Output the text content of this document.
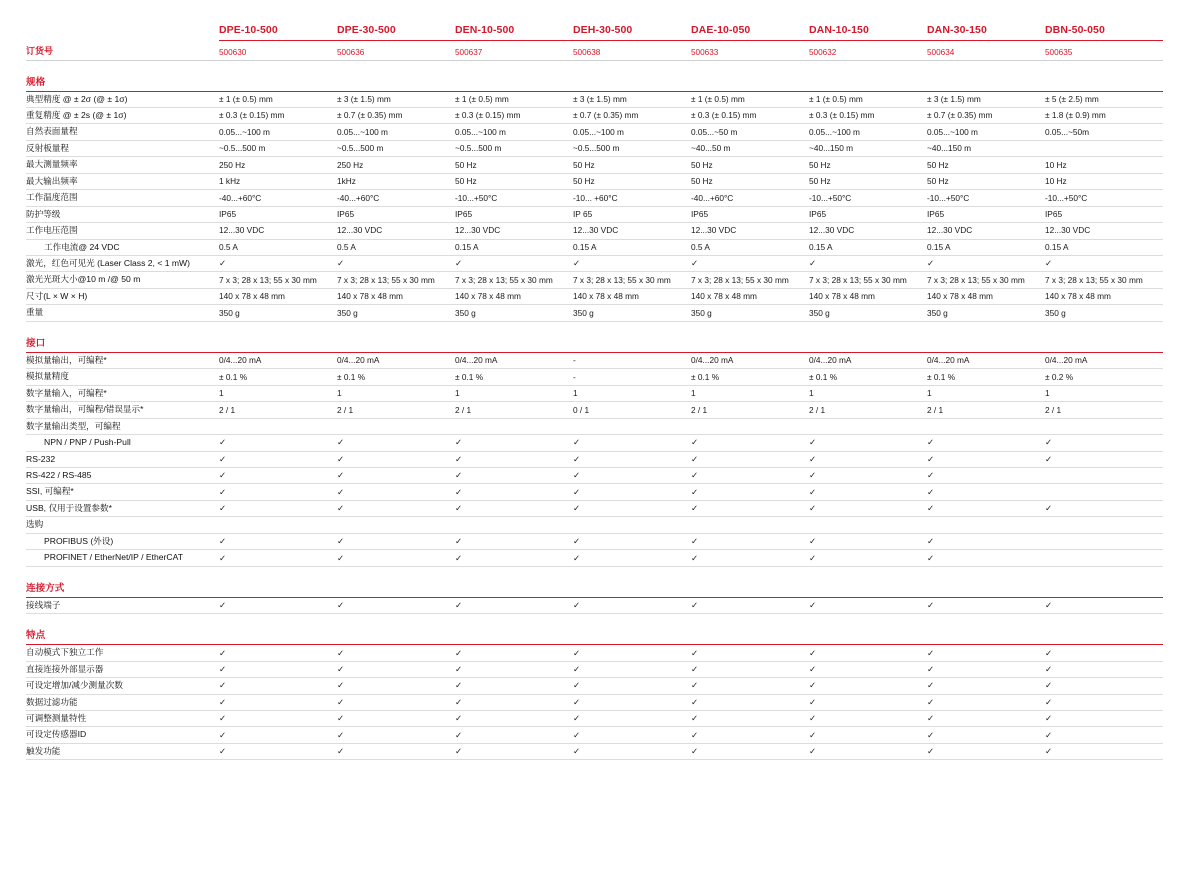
	DPE-10-500	DPE-30-500	DEN-10-500	DEH-30-500	DAE-10-050	DAN-10-150	DAN-30-150	DBN-50-050
订货号	500630	500636	500637	500638	500633	500632	500634	500635
规格								
典型精度 @ ± 2σ (@ ± 1σ)	± 1 (± 0.5) mm	± 3 (± 1.5) mm	± 1 (± 0.5) mm	± 3 (± 1.5) mm	± 1 (± 0.5) mm	± 1 (± 0.5) mm	± 3 (± 1.5) mm	± 5 (± 2.5) mm
重复精度 @ ± 2s (@ ± 1σ)	± 0.3 (± 0.15) mm	± 0.7 (± 0.35) mm	± 0.3 (± 0.15) mm	± 0.7 (± 0.35) mm	± 0.3 (± 0.15) mm	± 0.3 (± 0.15) mm	± 0.7 (± 0.35) mm	± 1.8 (± 0.9) mm
自然表面量程	0.05...~100 m	0.05...~100 m	0.05...~100 m	0.05...~100 m	0.05...~50 m	0.05...~100 m	0.05...~100 m	0.05...~50m
反射板量程	~0.5...500 m	~0.5...500 m	~0.5...500 m	~0.5...500 m	~40...50 m	~40...150 m	~40...150 m	
最大测量频率	250 Hz	250 Hz	50 Hz	50 Hz	50 Hz	50 Hz	50 Hz	10 Hz
最大输出频率	1 kHz	1kHz	50 Hz	50 Hz	50 Hz	50 Hz	50 Hz	10 Hz
工作温度范围	-40...+60°C	-40...+60°C	-10...+50°C	-10... +60°C	-40...+60°C	-10...+50°C	-10...+50°C	-10...+50°C
防护等级	IP65	IP65	IP65	IP 65	IP65	IP65	IP65	IP65
工作电压范围	12...30 VDC	12...30 VDC	12...30 VDC	12...30 VDC	12...30 VDC	12...30 VDC	12...30 VDC	12...30 VDC
工作电流@ 24 VDC	0.5 A	0.5 A	0.15 A	0.15 A	0.5 A	0.15 A	0.15 A	0.15 A
激光，红色可见光 (Laser Class 2, < 1 mW)	✓	✓	✓	✓	✓	✓	✓	✓
激光光斑大小@10 m /@ 50 m	7 x 3; 28 x 13; 55 x 30 mm	7 x 3; 28 x 13; 55 x 30 mm	7 x 3; 28 x 13; 55 x 30 mm	7 x 3; 28 x 13; 55 x 30 mm	7 x 3; 28 x 13; 55 x 30 mm	7 x 3; 28 x 13; 55 x 30 mm	7 x 3; 28 x 13; 55 x 30 mm	7 x 3; 28 x 13; 55 x 30 mm
尺寸(L × W × H)	140 x 78 x 48 mm	140 x 78 x 48 mm	140 x 78 x 48 mm	140 x 78 x 48 mm	140 x 78 x 48 mm	140 x 78 x 48 mm	140 x 78 x 48 mm	140 x 78 x 48 mm
重量	350 g	350 g	350 g	350 g	350 g	350 g	350 g	350 g
接口								
模拟量输出，可编程*	0/4...20 mA	0/4...20 mA	0/4...20 mA	-	0/4...20 mA	0/4...20 mA	0/4...20 mA	0/4...20 mA
模拟量精度	± 0.1 %	± 0.1 %	± 0.1 %	-	± 0.1 %	± 0.1 %	± 0.1 %	± 0.2 %
数字量输入，可编程*	1	1	1	1	1	1	1	1
数字量输出，可编程/错误显示*	2 / 1	2 / 1	2 / 1	0 / 1	2 / 1	2 / 1	2 / 1	2 / 1
数字量输出类型，可编程								
NPN / PNP / Push-Pull	✓	✓	✓	✓	✓	✓	✓	✓
RS-232	✓	✓	✓	✓	✓	✓	✓	✓
RS-422 / RS-485	✓	✓	✓	✓	✓	✓	✓	
SSI, 可编程*	✓	✓	✓	✓	✓	✓	✓	
USB, 仅用于设置参数*	✓	✓	✓	✓	✓	✓	✓	✓
选购								
PROFIBUS (外设)	✓	✓	✓	✓	✓	✓	✓	
PROFINET / EtherNet/IP / EtherCAT	✓	✓	✓	✓	✓	✓	✓	
连接方式								
接线端子	✓	✓	✓	✓	✓	✓	✓	✓
特点								
自动模式下独立工作	✓	✓	✓	✓	✓	✓	✓	✓
直接连接外部显示器	✓	✓	✓	✓	✓	✓	✓	✓
可设定增加/减少测量次数	✓	✓	✓	✓	✓	✓	✓	✓
数据过滤功能	✓	✓	✓	✓	✓	✓	✓	✓
可调整测量特性	✓	✓	✓	✓	✓	✓	✓	✓
可设定传感器ID	✓	✓	✓	✓	✓	✓	✓	✓
触发功能	✓	✓	✓	✓	✓	✓	✓	✓
